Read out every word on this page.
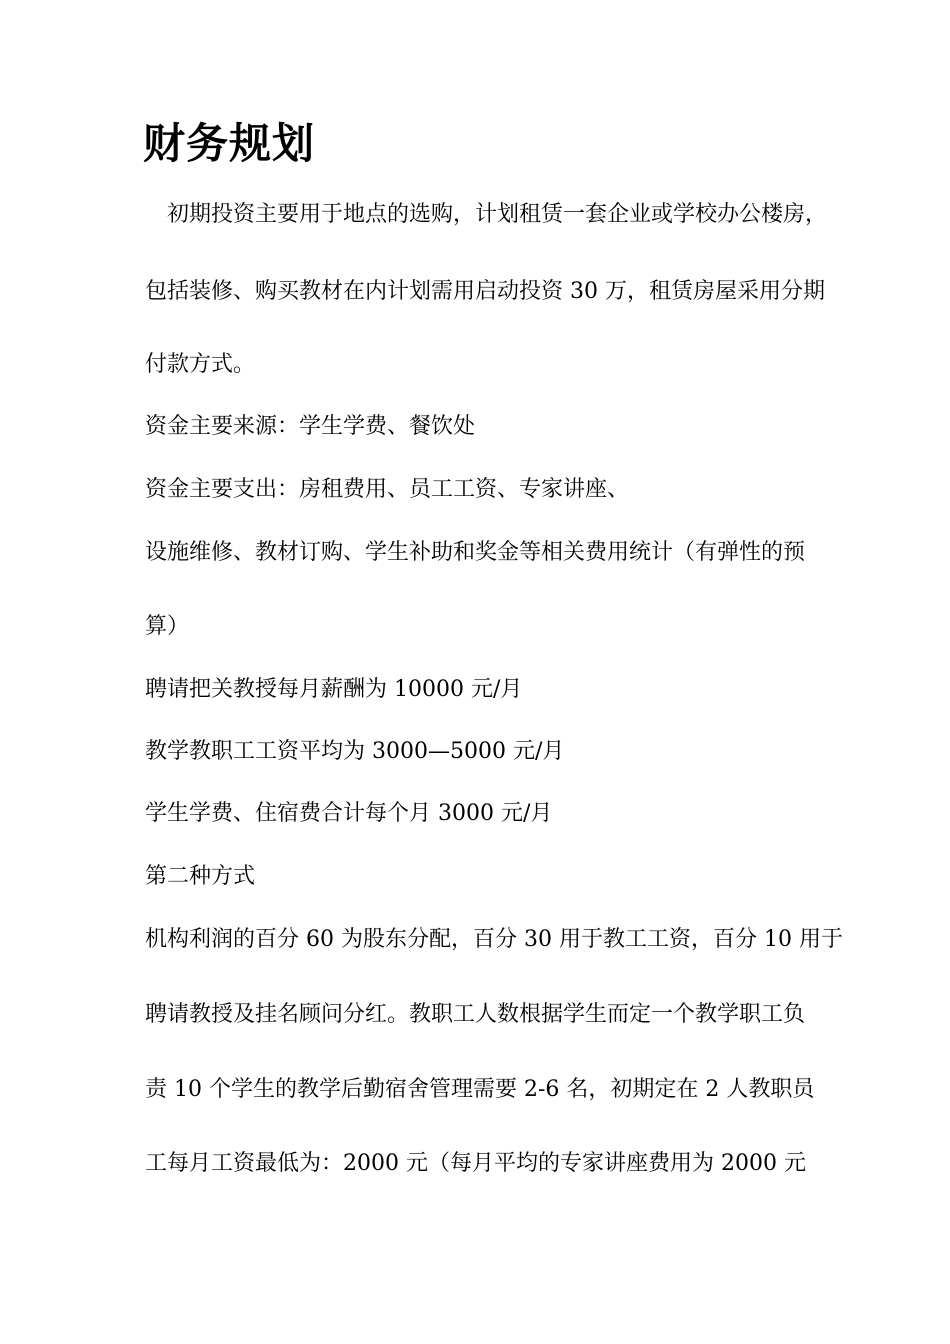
财务规划
　初期投资主要用于地点的选购，计划租赁一套企业或学校办公楼房，
包括装修、购买教材在内计划需用启动投资 30 万，租赁房屋采用分期
付款方式。
资金主要来源：学生学费、餐饮处
资金主要支出：房租费用、员工工资、专家讲座、
设施维修、教材订购、学生补助和奖金等相关费用统计（有弹性的预
算）
聘请把关教授每月薪酬为 10000 元/月
教学教职工工资平均为 3000—5000 元/月
学生学费、住宿费合计每个月 3000 元/月
第二种方式
机构利润的百分 60 为股东分配，百分 30 用于教工工资，百分 10 用于
聘请教授及挂名顾问分红。教职工人数根据学生而定一个教学职工负
责 10 个学生的教学后勤宿舍管理需要 2-6 名，初期定在 2 人教职员
工每月工资最低为：2000 元（每月平均的专家讲座费用为 2000 元
